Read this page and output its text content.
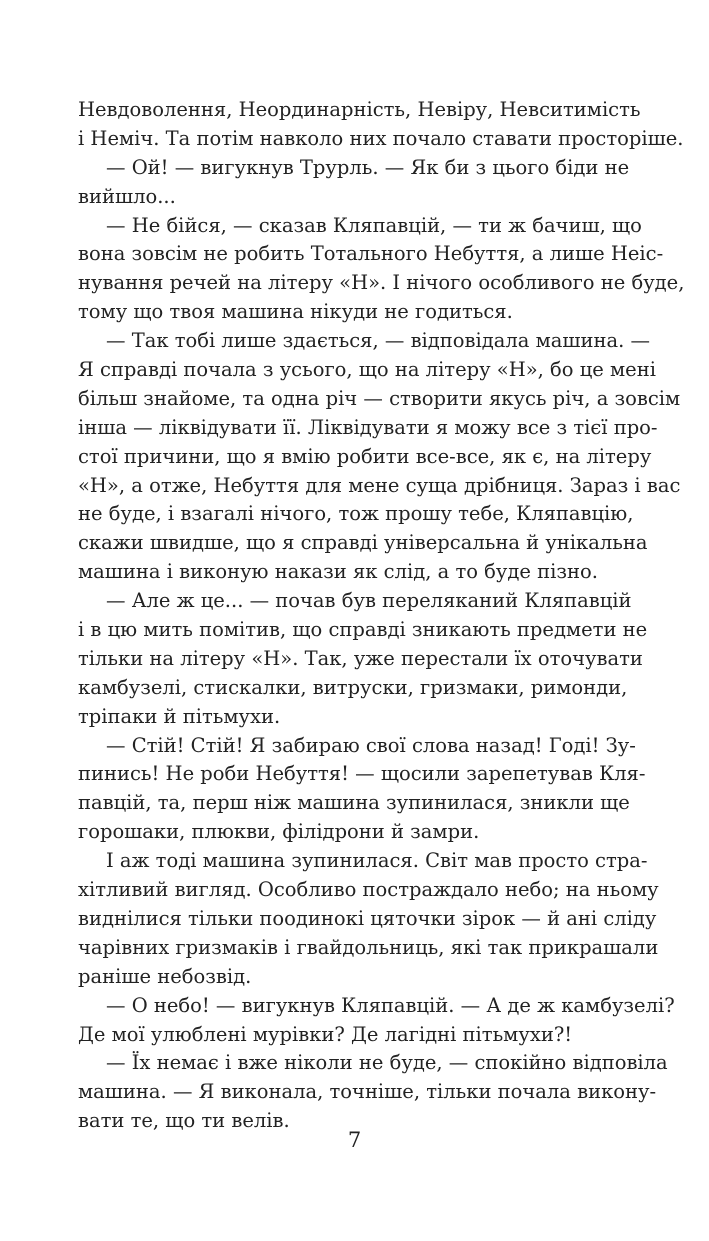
Невдоволення, Неординарність, Невіру, Невситимість
і Неміч. Та потім навколо них почало ставати просторіше.
— Ой! — вигукнув Трурль. — Як би з цього біди не
вийшло...
— Не бійся, — сказав Кляпавцій, — ти ж бачиш, що
вона зовсім не робить Тотального Небуття, а лише Неіс-
нування речей на літеру «Н». І нічого особливого не буде,
тому що твоя машина нікуди не годиться.
— Так тобі лише здається, — відповідала машина. —
Я справді почала з усього, що на літеру «Н», бо це мені
більш знайоме, та одна річ — створити якусь річ, а зовсім
інша — ліквідувати її. Ліквідувати я можу все з тієї про-
стої причини, що я вмію робити все-все, як є, на літеру
«Н», а отже, Небуття для мене суща дрібниця. Зараз і вас
не буде, і взагалі нічого, тож прошу тебе, Кляпавцію,
скажи швидше, що я справді універсальна й унікальна
машина і виконую накази як слід, а то буде пізно.
— Але ж це... — почав був переляканий Кляпавцій
і в цю мить помітив, що справді зникають предмети не
тільки на літеру «Н». Так, уже перестали їх оточувати
камбузелі, стискалки, витруски, гризмаки, римонди,
тріпаки й пітьмухи.
— Стій! Стій! Я забираю свої слова назад! Годі! Зу-
пинись! Не роби Небуття! — щосили зарепетував Кля-
павцій, та, перш ніж машина зупинилася, зникли ще
горошаки, плюкви, філідрони й замри.
І аж тоді машина зупинилася. Світ мав просто стра-
хітливий вигляд. Особливо постраждало небо; на ньому
виднілися тільки поодинокі цяточки зірок — й ані сліду
чарівних гризмаків і гвайдольниць, які так прикрашали
раніше небозвід.
— О небо! — вигукнув Кляпавцій. — А де ж камбузелі?
Де мої улюблені мурівки? Де лагідні пітьмухи?!
— Їх немає і вже ніколи не буде, — спокійно відповіла
машина. — Я виконала, точніше, тільки почала викону-
вати те, що ти велів.
7
